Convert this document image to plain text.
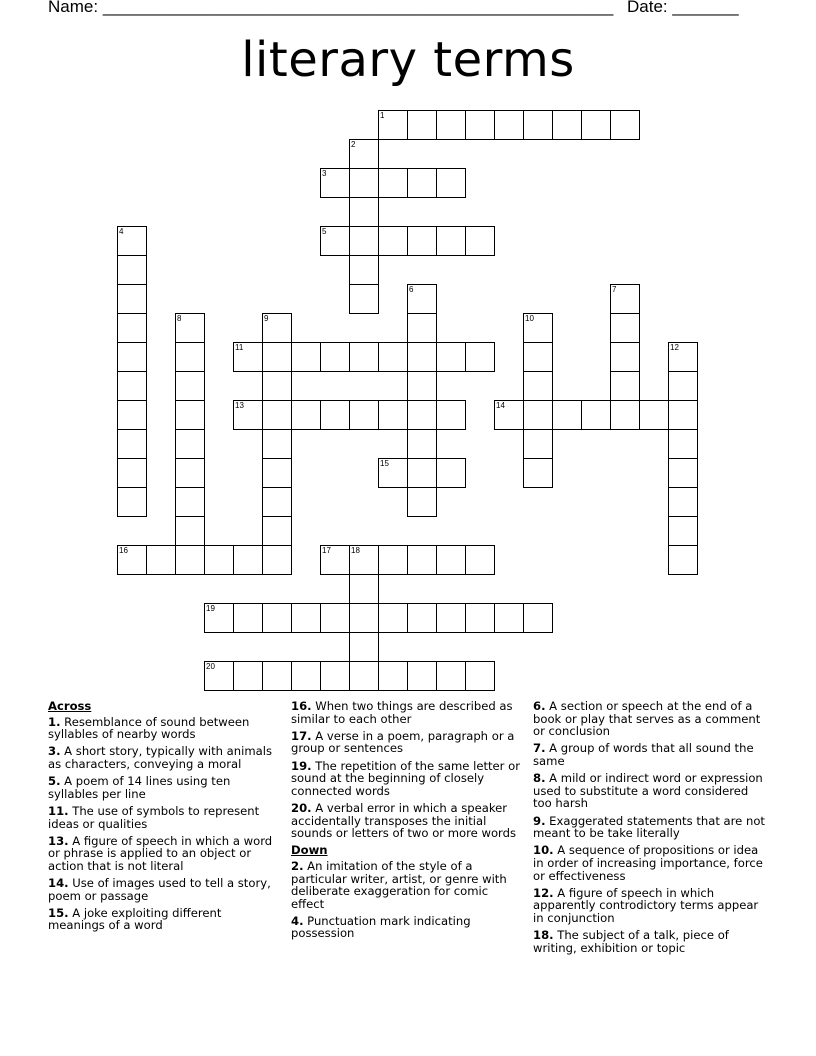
Name: ______________________________________________________ Date: _______
literary terms
1
2
3
4	5
6	7
8	9	10
11	12
13	14
15
16	17	18
19
20
Across
1. Resemblance of sound between syllables of nearby words
3. A short story, typically with animals as characters, conveying a moral
5. A poem of 14 lines using ten syllables per line
11. The use of symbols to represent ideas or qualities
13. A figure of speech in which a word or phrase is applied to an object or action that is not literal
14. Use of images used to tell a story, poem or passage
15. A joke exploiting different meanings of a word
16. When two things are described as similar to each other
17. A verse in a poem, paragraph or a group or sentences
19. The repetition of the same letter or sound at the beginning of closely connected words
20. A verbal error in which a speaker accidentally transposes the initial sounds or letters of two or more words
Down
2. An imitation of the style of a particular writer, artist, or genre with deliberate exaggeration for comic effect
4. Punctuation mark indicating possession
6. A section or speech at the end of a book or play that serves as a comment or conclusion
7. A group of words that all sound the same
8. A mild or indirect word or expression used to substitute a word considered too harsh
9. Exaggerated statements that are not meant to be take literally
10. A sequence of propositions or idea in order of increasing importance, force or effectiveness
12. A figure of speech in which apparently controdictory terms appear in conjunction
18. The subject of a talk, piece of writing, exhibition or topic
